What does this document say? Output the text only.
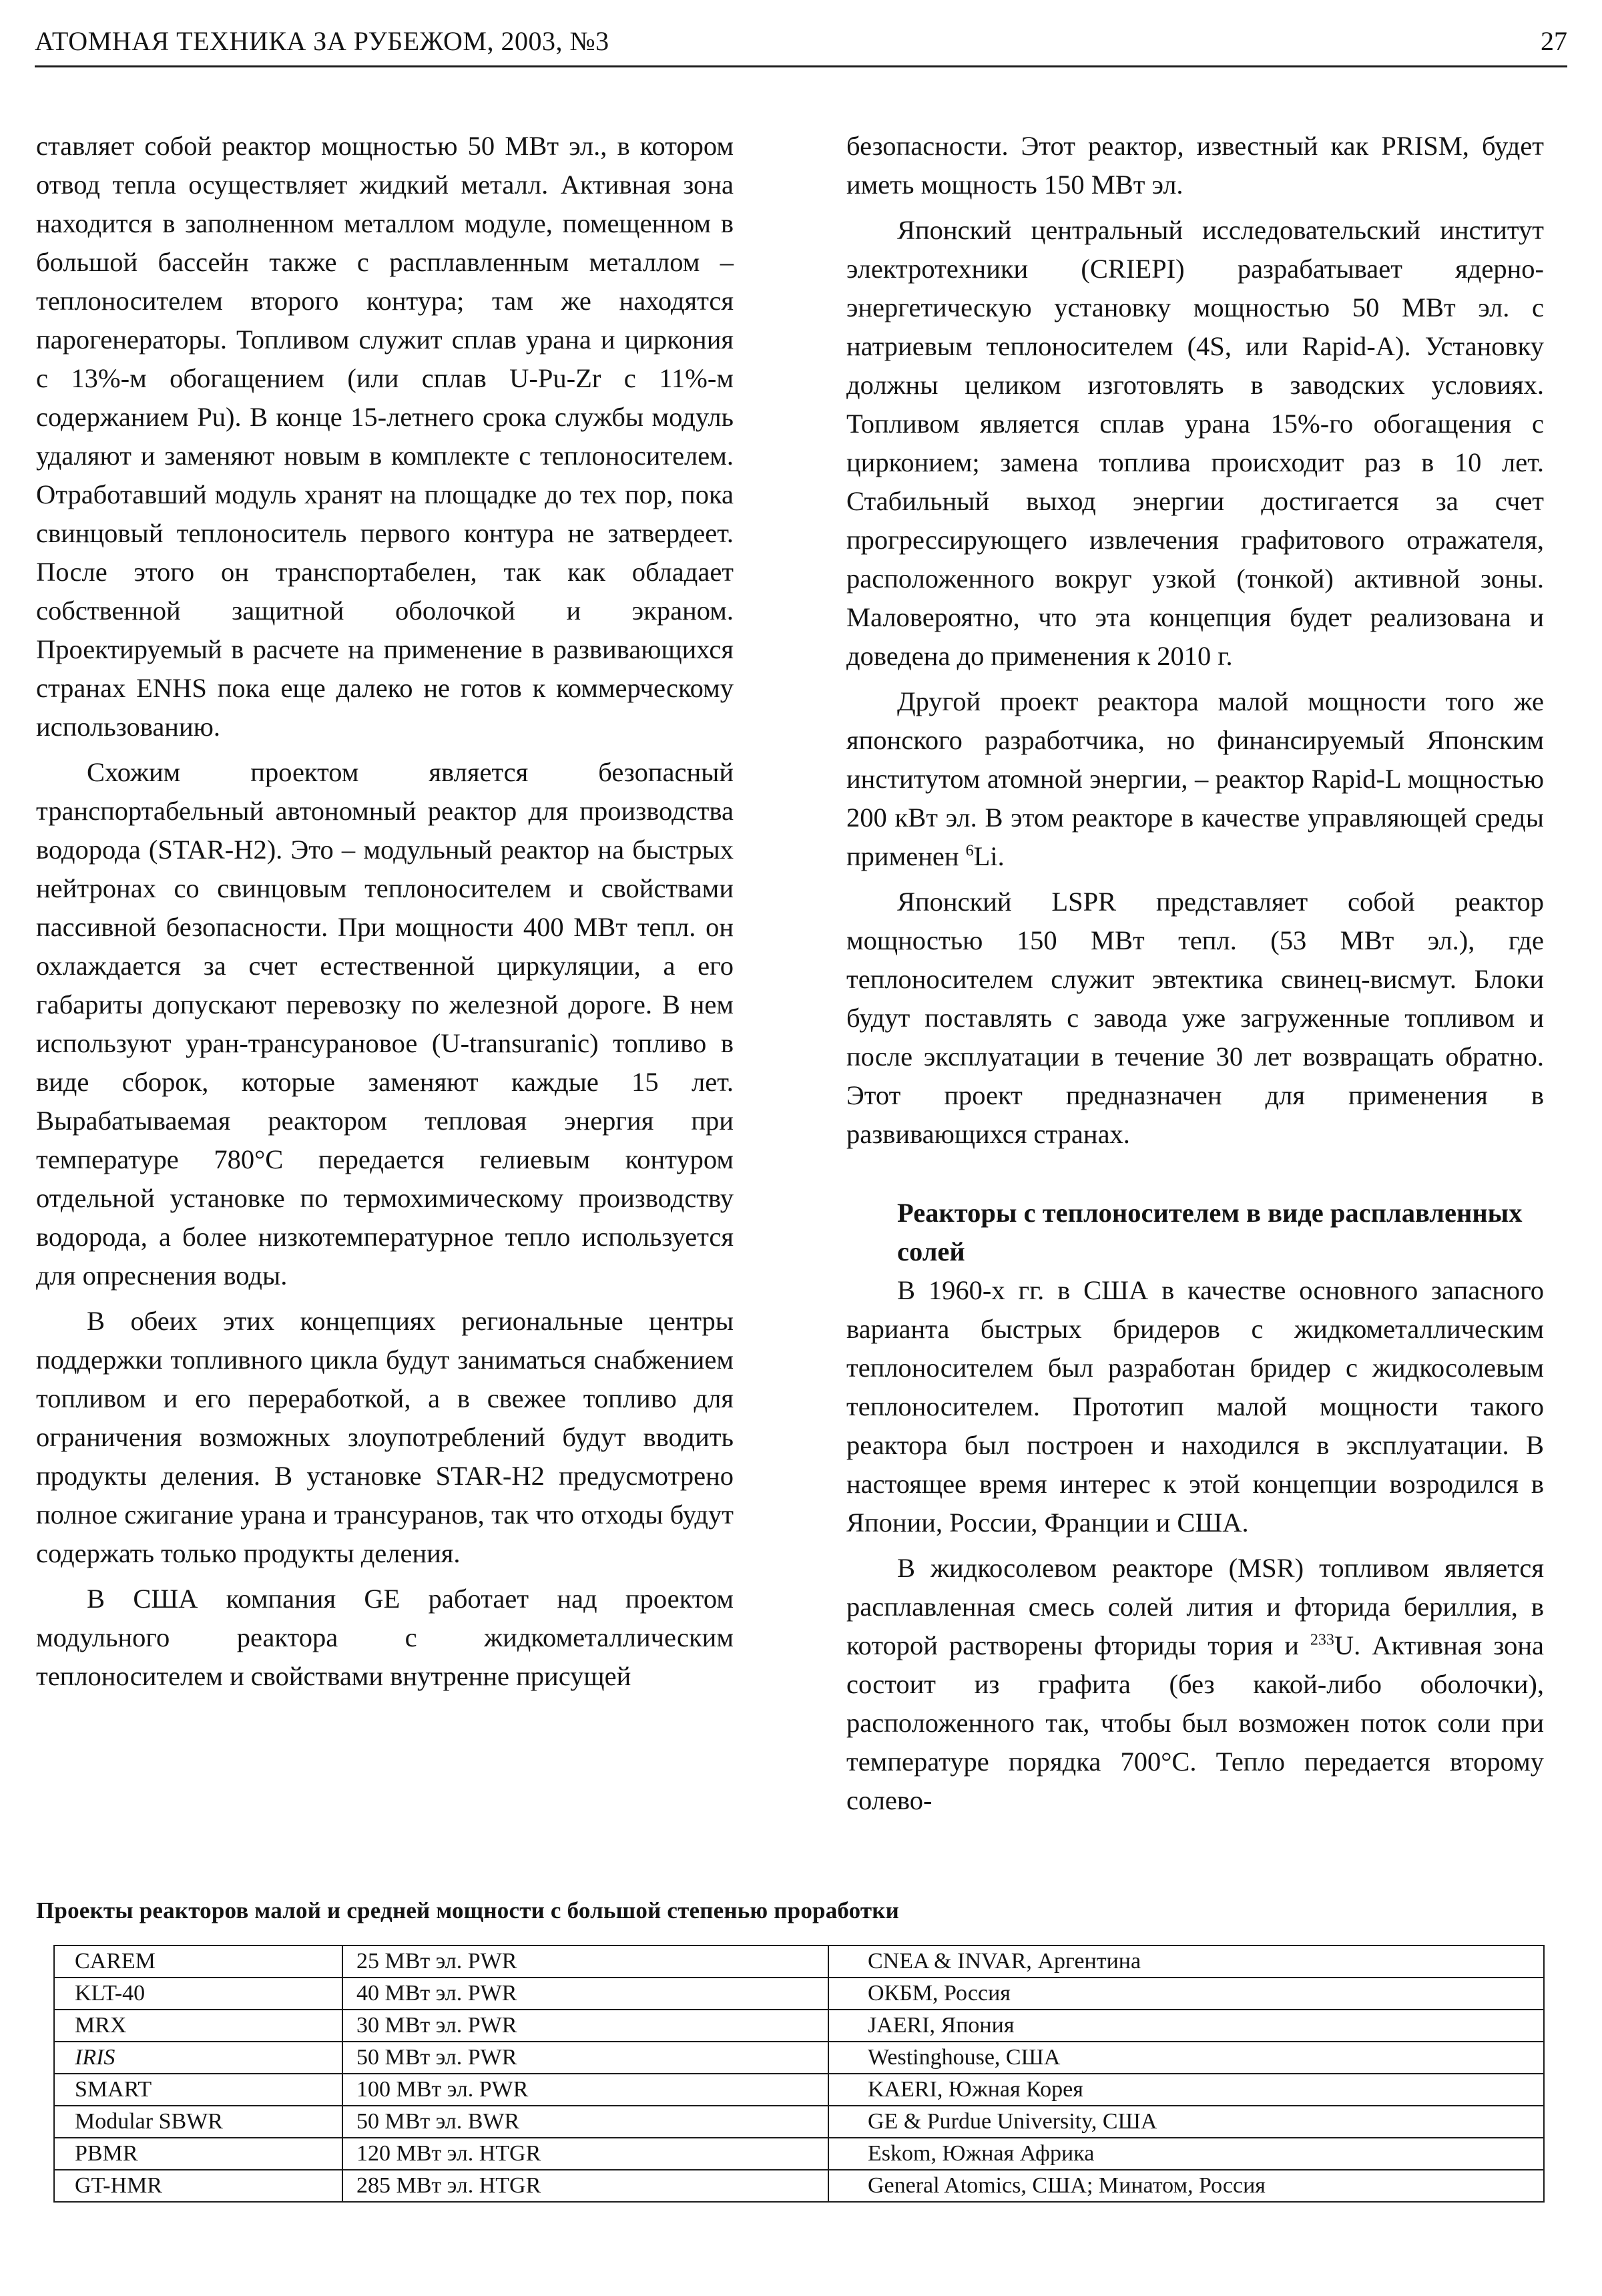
АТОМНАЯ ТЕХНИКА ЗА РУБЕЖОМ, 2003, №3	27

ставляет собой реактор мощностью 50 МВт эл., в котором отвод тепла осуществляет жидкий металл. Активная зона находится в заполненном металлом модуле, помещенном в большой бассейн также с расплавленным металлом – теплоносителем второго контура; там же находятся парогенераторы. Топливом служит сплав урана и циркония с 13%-м обогащением (или сплав U-Pu-Zr с 11%-м содержанием Pu). В конце 15-летнего срока службы модуль удаляют и заменяют новым в комплекте с теплоносителем. Отработавший модуль хранят на площадке до тех пор, пока свинцовый теплоноситель первого контура не затвердеет. После этого он транспортабелен, так как обладает собственной защитной оболочкой и экраном. Проектируемый в расчете на применение в развивающихся странах ENHS пока еще далеко не готов к коммерческому использованию.

Схожим проектом является безопасный транспортабельный автономный реактор для производства водорода (STAR-H2). Это – модульный реактор на быстрых нейтронах со свинцовым теплоносителем и свойствами пассивной безопасности. При мощности 400 МВт тепл. он охлаждается за счет естественной циркуляции, а его габариты допускают перевозку по железной дороге. В нем используют уран-трансурановое (U-transuranic) топливо в виде сборок, которые заменяют каждые 15 лет. Вырабатываемая реактором тепловая энергия при температуре 780°С передается гелиевым контуром отдельной установке по термохимическому производству водорода, а более низкотемпературное тепло используется для опреснения воды.

В обеих этих концепциях региональные центры поддержки топливного цикла будут заниматься снабжением топливом и его переработкой, а в свежее топливо для ограничения возможных злоупотреблений будут вводить продукты деления. В установке STAR-H2 предусмотрено полное сжигание урана и трансуранов, так что отходы будут содержать только продукты деления.

В США компания GE работает над проектом модульного реактора с жидкометаллическим теплоносителем и свойствами внутренне присущей

безопасности. Этот реактор, известный как PRISM, будет иметь мощность 150 МВт эл.

Японский центральный исследовательский институт электротехники (CRIEPI) разрабатывает ядерно-энергетическую установку мощностью 50 МВт эл. с натриевым теплоносителем (4S, или Rapid-A). Установку должны целиком изготовлять в заводских условиях. Топливом является сплав урана 15%-го обогащения с цирконием; замена топлива происходит раз в 10 лет. Стабильный выход энергии достигается за счет прогрессирующего извлечения графитового отражателя, расположенного вокруг узкой (тонкой) активной зоны. Маловероятно, что эта концепция будет реализована и доведена до применения к 2010 г.

Другой проект реактора малой мощности того же японского разработчика, но финансируемый Японским институтом атомной энергии, – реактор Rapid-L мощностью 200 кВт эл. В этом реакторе в качестве управляющей среды применен $^6$Li.

Японский LSPR представляет собой реактор мощностью 150 МВт тепл. (53 МВт эл.), где теплоносителем служит эвтектика свинец-висмут. Блоки будут поставлять с завода уже загруженные топливом и после эксплуатации в течение 30 лет возвращать обратно. Этот проект предназначен для применения в развивающихся странах.

Реакторы с теплоносителем в виде расплавленных солей

В 1960-х гг. в США в качестве основного запасного варианта быстрых бридеров с жидкометаллическим теплоносителем был разработан бридер с жидкосолевым теплоносителем. Прототип малой мощности такого реактора был построен и находился в эксплуатации. В настоящее время интерес к этой концепции возродился в Японии, России, Франции и США.

В жидкосолевом реакторе (MSR) топливом является расплавленная смесь солей лития и фторида бериллия, в которой растворены фториды тория и $^{233}$U. Активная зона состоит из графита (без какой-либо оболочки), расположенного так, чтобы был возможен поток соли при температуре порядка 700°С. Тепло передается второму солево-

Проекты реакторов малой и средней мощности с большой степенью проработки
CAREM	25 МВт эл. PWR	CNEA & INVAR, Аргентина
KLT-40	40 МВт эл. PWR	ОКБМ, Россия
MRX	30 МВт эл. PWR	JAERI, Япония
IRIS	50 МВт эл. PWR	Westinghouse, США
SMART	100 МВт эл. PWR	KAERI, Южная Корея
Modular SBWR	50 МВт эл. BWR	GE & Purdue University, США
PBMR	120 МВт эл. HTGR	Eskom, Южная Африка
GT-HMR	285 МВт эл. HTGR	General Atomics, США; Минатом, Россия
